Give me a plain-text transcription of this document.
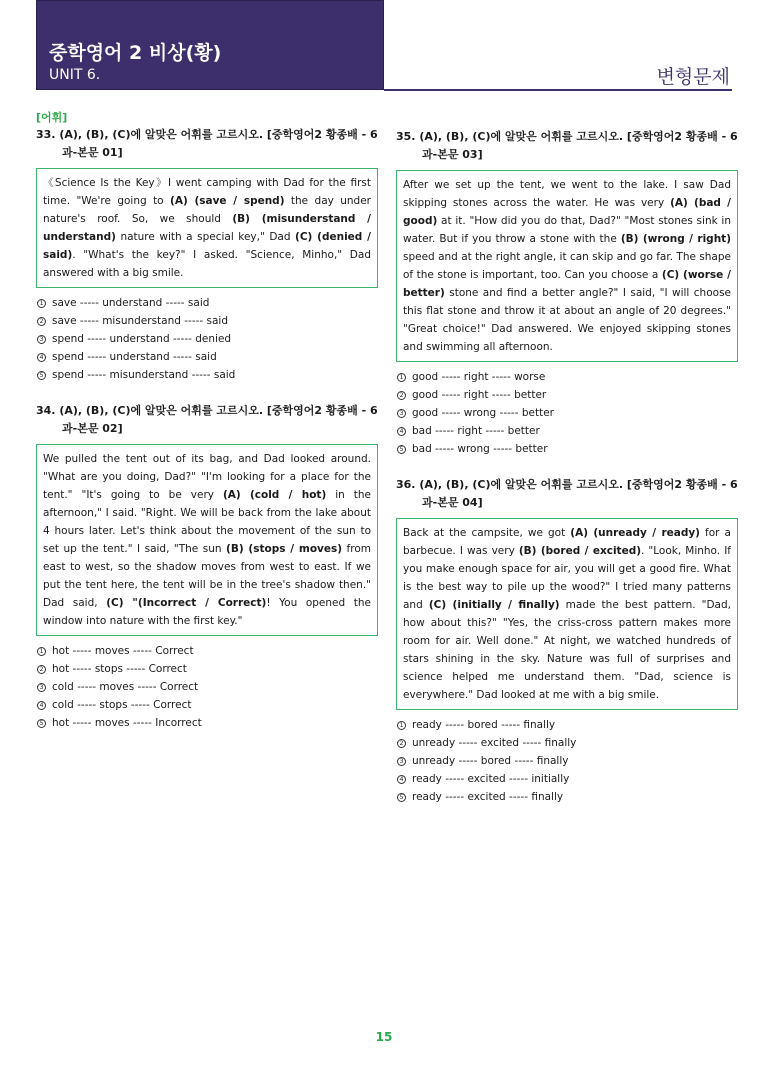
중학영어 2 비상(황)
UNIT 6.	변형문제
[어휘]
33. (A), (B), (C)에 알맞은 어휘를 고르시오. [중학영어2 황종배 - 6과-본문 01]
《Science Is the Key》I went camping with Dad for the first time. "We're going to (A) (save / spend) the day under nature's roof. So, we should (B) (misunderstand / understand) nature with a special key," Dad (C) (denied / said). "What's the key?" I asked. "Science, Minho," Dad answered with a big smile.
1 save ----- understand ----- said
2 save ----- misunderstand ----- said
3 spend ----- understand ----- denied
4 spend ----- understand ----- said
5 spend ----- misunderstand ----- said
34. (A), (B), (C)에 알맞은 어휘를 고르시오. [중학영어2 황종배 - 6과-본문 02]
We pulled the tent out of its bag, and Dad looked around. "What are you doing, Dad?" "I'm looking for a place for the tent." "It's going to be very (A) (cold / hot) in the afternoon," I said. "Right. We will be back from the lake about 4 hours later. Let's think about the movement of the sun to set up the tent." I said, "The sun (B) (stops / moves) from east to west, so the shadow moves from west to east. If we put the tent here, the tent will be in the tree's shadow then." Dad said, (C) "(Incorrect / Correct)! You opened the window into nature with the first key."
1 hot ----- moves ----- Correct
2 hot ----- stops ----- Correct
3 cold ----- moves ----- Correct
4 cold ----- stops ----- Correct
5 hot ----- moves ----- Incorrect
35. (A), (B), (C)에 알맞은 어휘를 고르시오. [중학영어2 황종배 - 6과-본문 03]
After we set up the tent, we went to the lake. I saw Dad skipping stones across the water. He was very (A) (bad / good) at it. "How did you do that, Dad?" "Most stones sink in water. But if you throw a stone with the (B) (wrong / right) speed and at the right angle, it can skip and go far. The shape of the stone is important, too. Can you choose a (C) (worse / better) stone and find a better angle?" I said, "I will choose this flat stone and throw it at about an angle of 20 degrees." "Great choice!" Dad answered. We enjoyed skipping stones and swimming all afternoon.
1 good ----- right ----- worse
2 good ----- right ----- better
3 good ----- wrong ----- better
4 bad ----- right ----- better
5 bad ----- wrong ----- better
36. (A), (B), (C)에 알맞은 어휘를 고르시오. [중학영어2 황종배 - 6과-본문 04]
Back at the campsite, we got (A) (unready / ready) for a barbecue. I was very (B) (bored / excited). "Look, Minho. If you make enough space for air, you will get a good fire. What is the best way to pile up the wood?" I tried many patterns and (C) (initially / finally) made the best pattern. "Dad, how about this?" "Yes, the criss-cross pattern makes more room for air. Well done." At night, we watched hundreds of stars shining in the sky. Nature was full of surprises and science helped me understand them. "Dad, science is everywhere." Dad looked at me with a big smile.
1 ready ----- bored ----- finally
2 unready ----- excited ----- finally
3 unready ----- bored ----- finally
4 ready ----- excited ----- initially
5 ready ----- excited ----- finally
15
